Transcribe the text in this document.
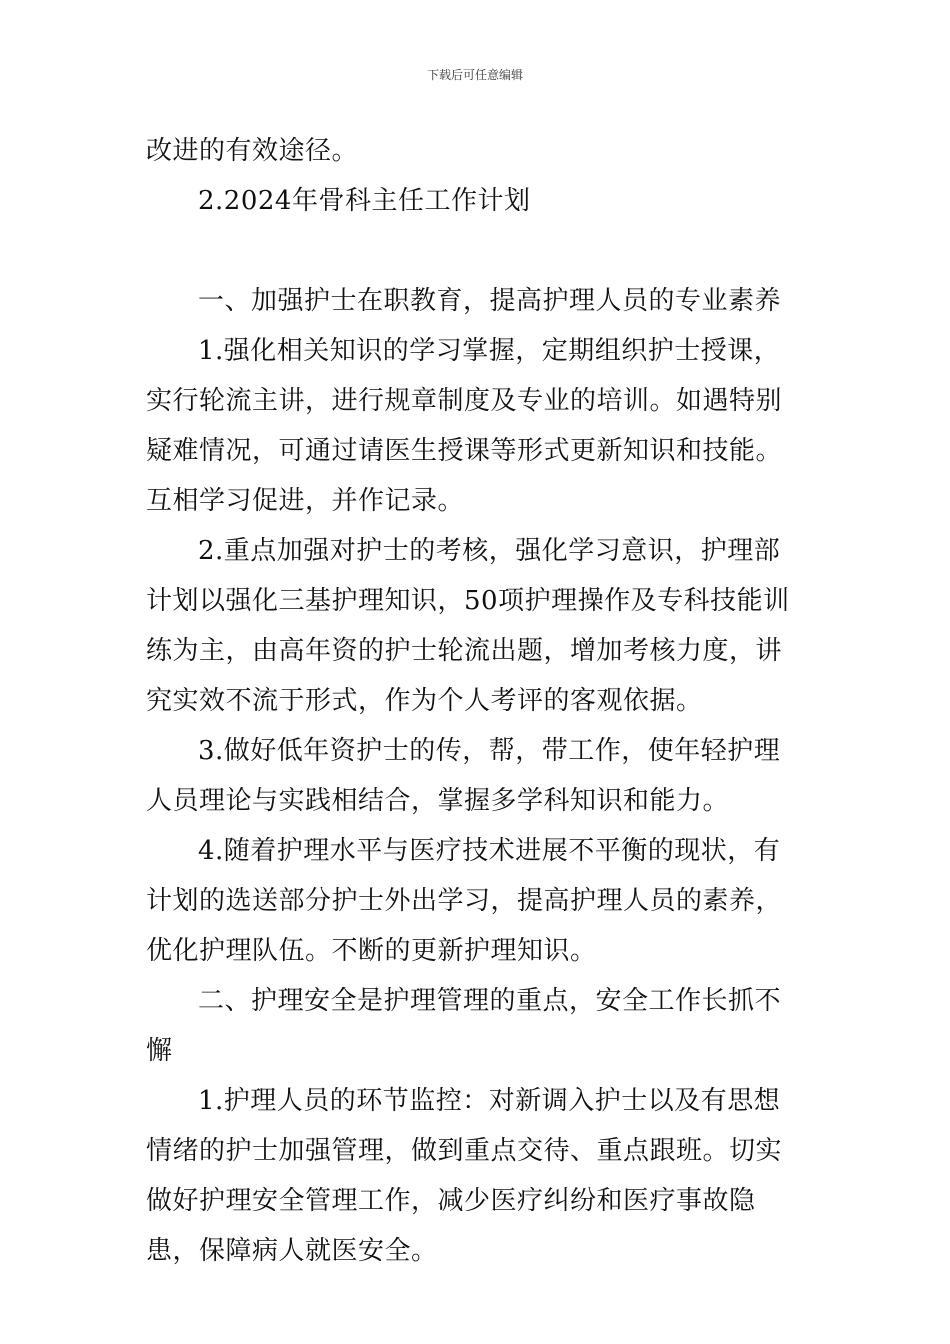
下载后可任意编辑

改进的有效途径。

2.2024年骨科主任工作计划

一、加强护士在职教育，提高护理人员的专业素养

1.强化相关知识的学习掌握，定期组织护士授课，实行轮流主讲，进行规章制度及专业的培训。如遇特别疑难情况，可通过请医生授课等形式更新知识和技能。互相学习促进，并作记录。

2.重点加强对护士的考核，强化学习意识，护理部计划以强化三基护理知识，50项护理操作及专科技能训练为主，由高年资的护士轮流出题，增加考核力度，讲究实效不流于形式，作为个人考评的客观依据。

3.做好低年资护士的传，帮，带工作，使年轻护理人员理论与实践相结合，掌握多学科知识和能力。

4.随着护理水平与医疗技术进展不平衡的现状，有计划的选送部分护士外出学习，提高护理人员的素养，优化护理队伍。不断的更新护理知识。

二、护理安全是护理管理的重点，安全工作长抓不懈

1.护理人员的环节监控：对新调入护士以及有思想情绪的护士加强管理，做到重点交待、重点跟班。切实做好护理安全管理工作，减少医疗纠纷和医疗事故隐患，保障病人就医安全。
